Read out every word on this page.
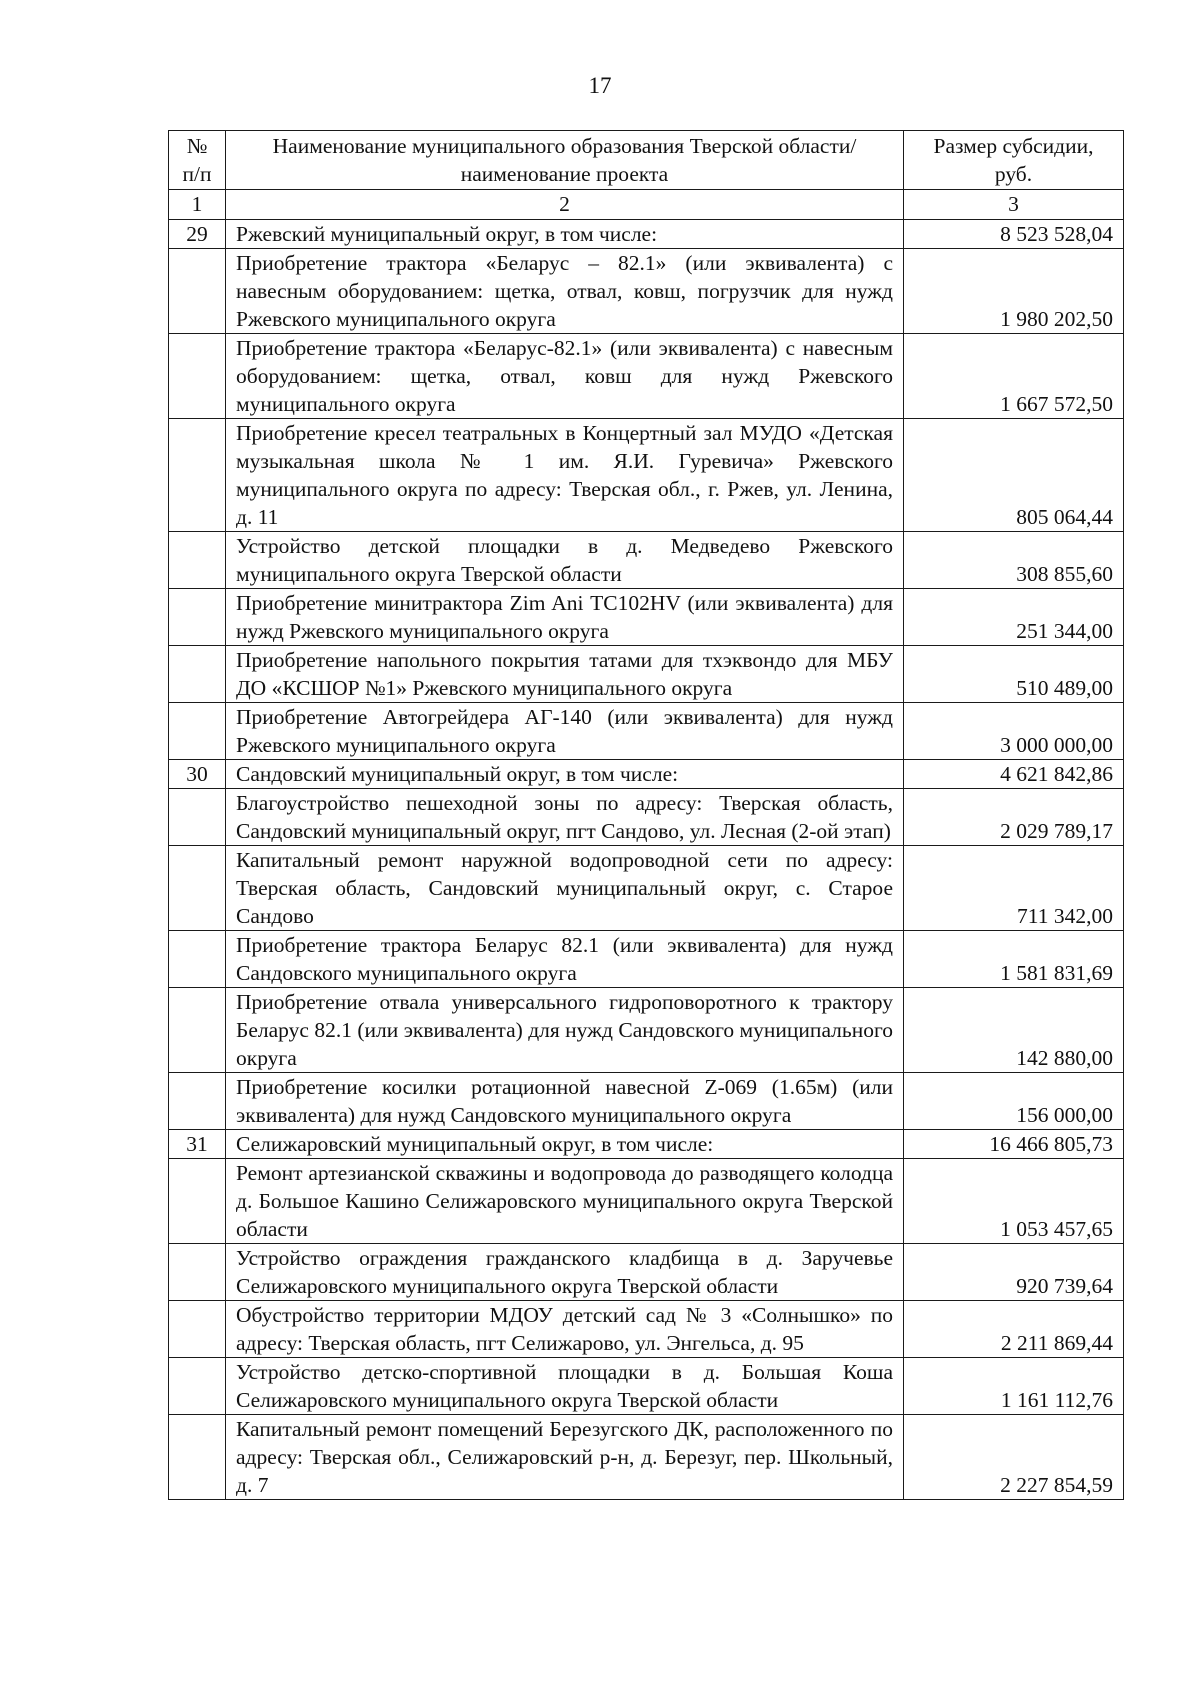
17
№ п/п	Наименование муниципального образования Тверской области/наименование проекта	Размер субсидии, руб.
1	2	3
29	Ржевский муниципальный округ, в том числе:	8 523 528,04
	Приобретение трактора «Беларус – 82.1» (или эквивалента) с навесным оборудованием: щетка, отвал, ковш, погрузчик для нужд Ржевского муниципального округа	1 980 202,50
	Приобретение трактора «Беларус-82.1» (или эквивалента) с навесным оборудованием: щетка, отвал, ковш для нужд Ржевского муниципального округа	1 667 572,50
	Приобретение кресел театральных в Концертный зал МУДО «Детская музыкальная школа № 1 им. Я.И. Гуревича» Ржевского муниципального округа по адресу: Тверская обл., г. Ржев, ул. Ленина, д. 11	805 064,44
	Устройство детской площадки в д. Медведево Ржевского муниципального округа Тверской области	308 855,60
	Приобретение минитрактора Zim Ani TC102HV (или эквивалента) для нужд Ржевского муниципального округа	251 344,00
	Приобретение напольного покрытия татами для тхэквондо для МБУ ДО «КСШОР №1» Ржевского муниципального округа	510 489,00
	Приобретение Автогрейдера АГ-140 (или эквивалента) для нужд Ржевского муниципального округа	3 000 000,00
30	Сандовский муниципальный округ, в том числе:	4 621 842,86
	Благоустройство пешеходной зоны по адресу: Тверская область, Сандовский муниципальный округ, пгт Сандово, ул. Лесная (2-ой этап)	2 029 789,17
	Капитальный ремонт наружной водопроводной сети по адресу: Тверская область, Сандовский муниципальный округ, с. Старое Сандово	711 342,00
	Приобретение трактора Беларус 82.1 (или эквивалента) для нужд Сандовского муниципального округа	1 581 831,69
	Приобретение отвала универсального гидроповоротного к трактору Беларус 82.1 (или эквивалента) для нужд Сандовского муниципального округа	142 880,00
	Приобретение косилки ротационной навесной Z-069 (1.65м) (или эквивалента) для нужд Сандовского муниципального округа	156 000,00
31	Селижаровский муниципальный округ, в том числе:	16 466 805,73
	Ремонт артезианской скважины и водопровода до разводящего колодца д. Большое Кашино Селижаровского муниципального округа Тверской области	1 053 457,65
	Устройство ограждения гражданского кладбища в д. Заручевье Селижаровского муниципального округа Тверской области	920 739,64
	Обустройство территории МДОУ детский сад № 3 «Солнышко» по адресу: Тверская область, пгт Селижарово, ул. Энгельса, д. 95	2 211 869,44
	Устройство детско-спортивной площадки в д. Большая Коша Селижаровского муниципального округа Тверской области	1 161 112,76
	Капитальный ремонт помещений Березугского ДК, расположенного по адресу: Тверская обл., Селижаровский р-н, д. Березуг, пер. Школьный, д. 7	2 227 854,59
